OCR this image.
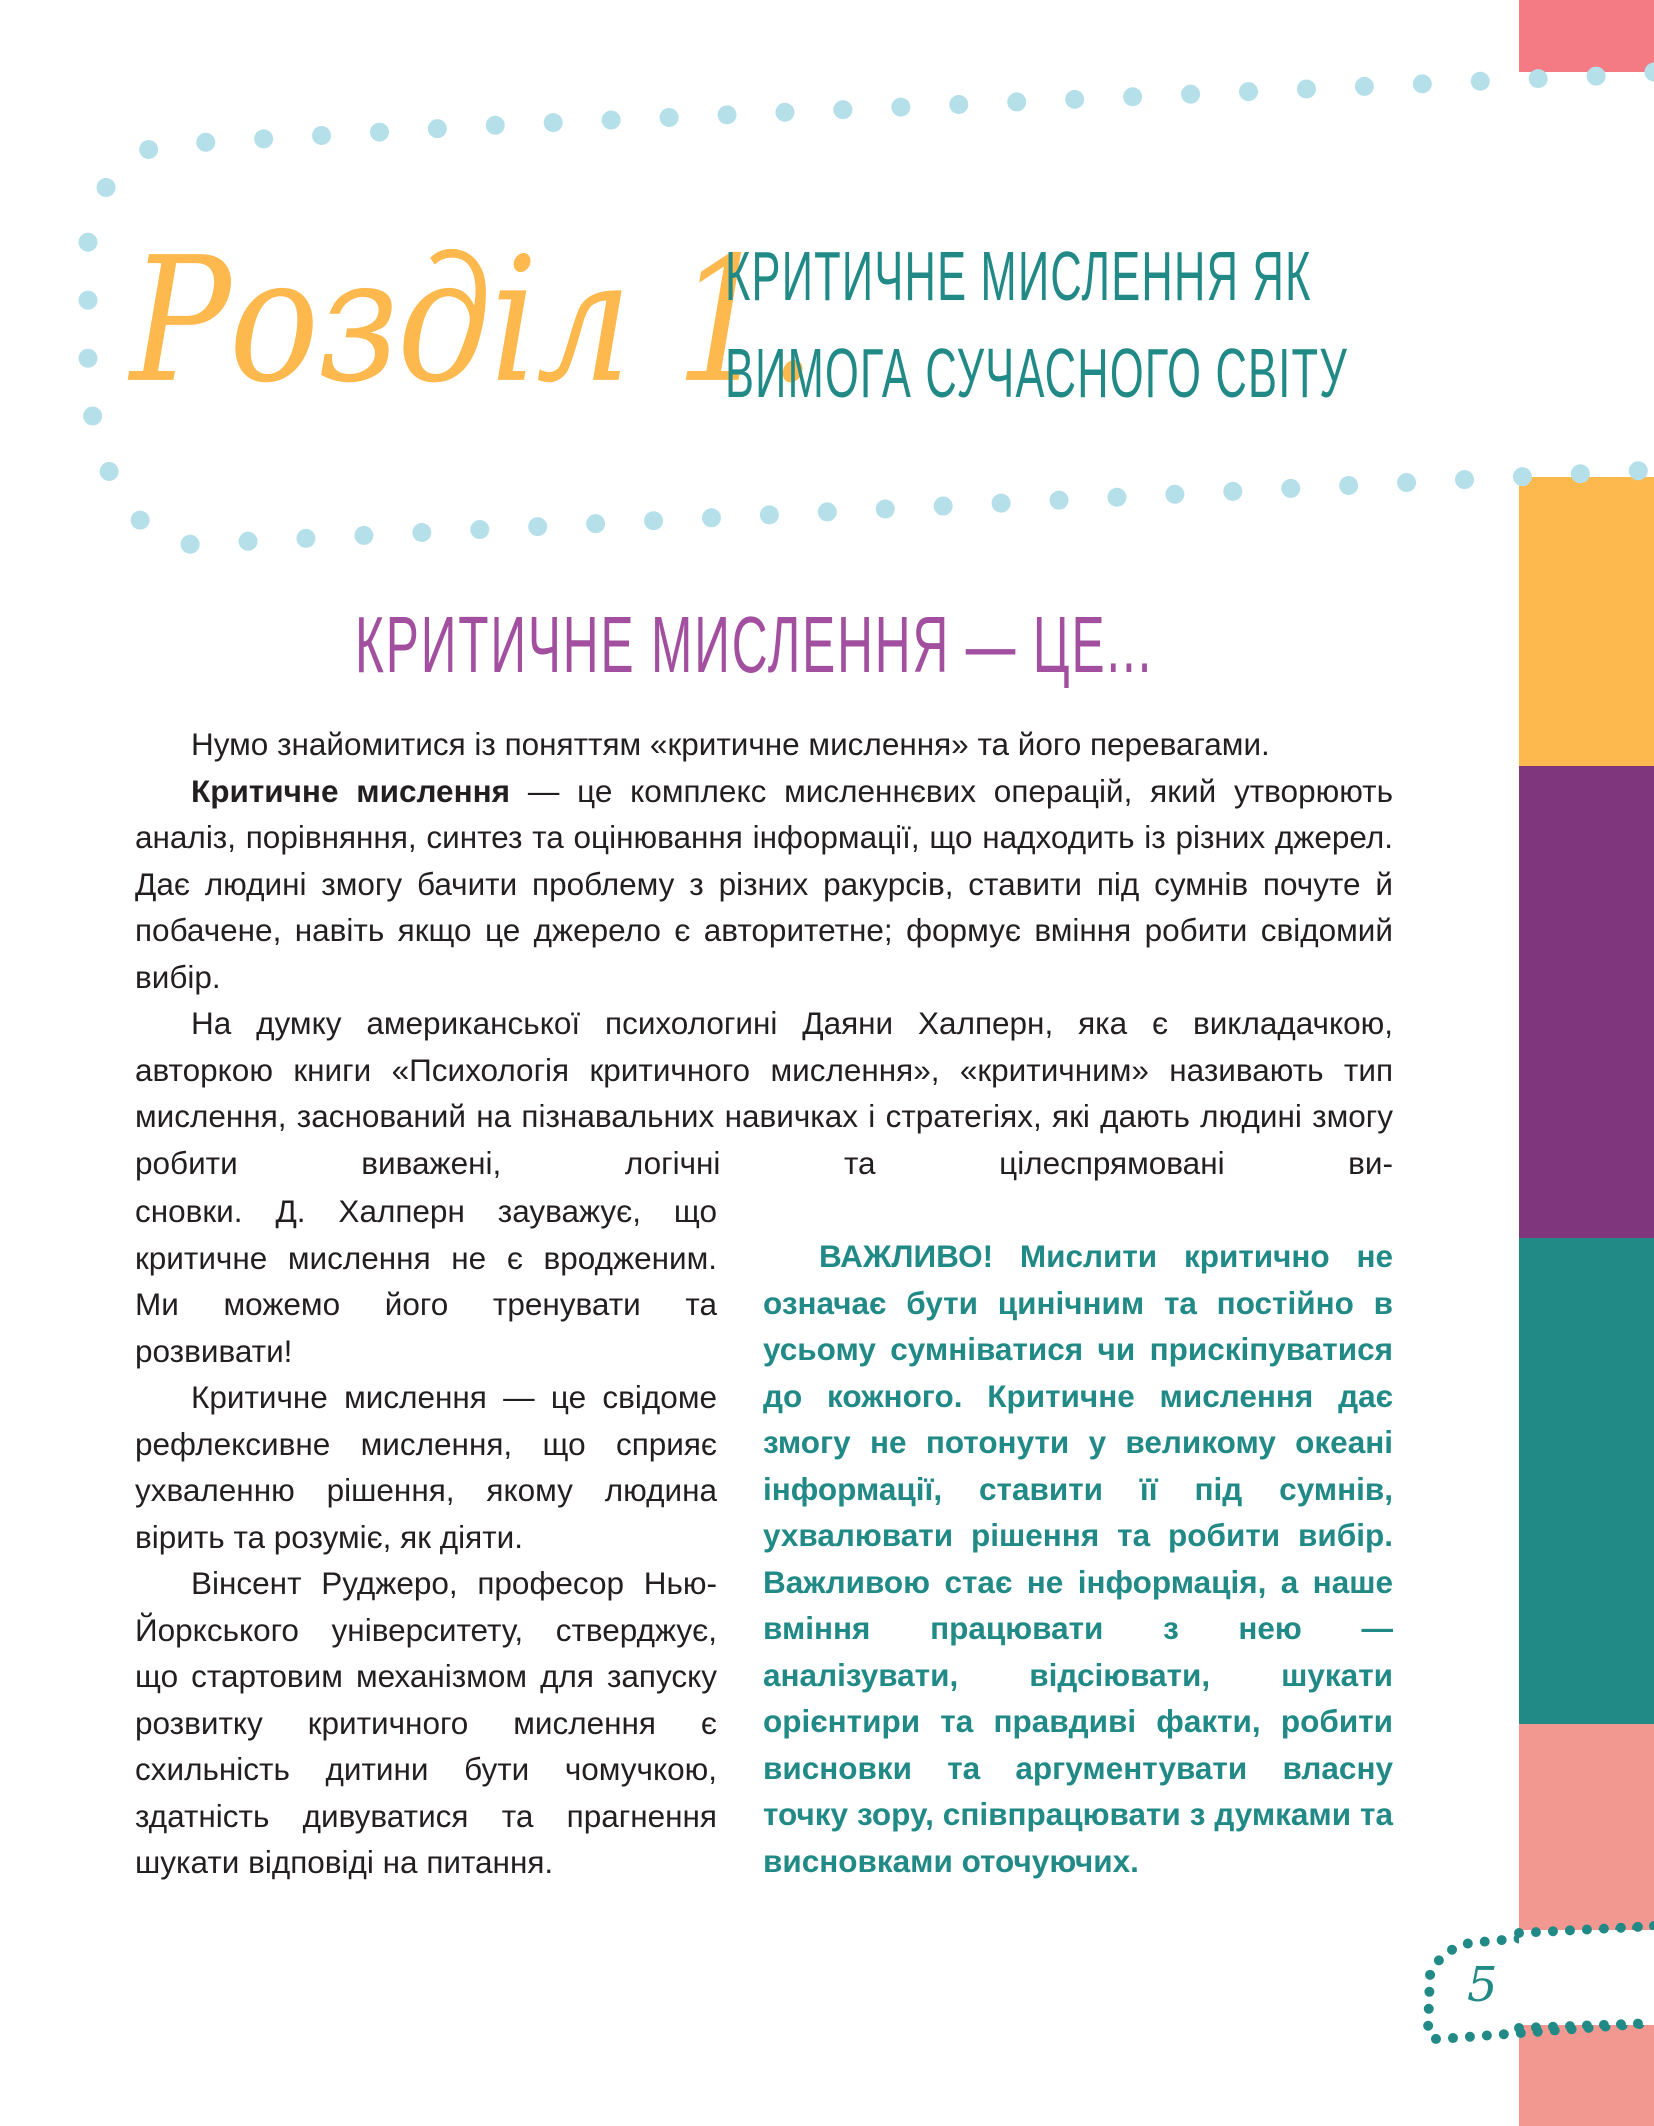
Розділ 1.
КРИТИЧНЕ МИСЛЕННЯ ЯК
ВИМОГА СУЧАСНОГО СВІТУ
КРИТИЧНЕ МИСЛЕННЯ — ЦЕ...

Нумо знайомитися із поняттям «критичне мислення» та його перевагами.

Критичне мислення — це комплекс мисленнєвих операцій, який утворюють аналіз, порівняння, синтез та оцінювання інформації, що надходить із різних джерел. Дає людині змогу бачити проблему з різних ракурсів, ставити під сумнів почуте й побачене, навіть якщо це джерело є авторитетне; формує вміння робити свідомий вибір.

На думку американської психологині Даяни Халперн, яка є викладачкою, авторкою книги «Психологія критичного мислення», «критичним» називають тип мислення, заснований на пізнавальних навичках і стратегіях, які дають людині змогу робити виважені, логічні та цілеспрямовані ви-

сновки. Д. Халперн зауважує, що критичне мислення не є вродженим. Ми можемо його тренувати та розвивати!

Критичне мислення — це свідоме рефлексивне мислення, що сприяє ухваленню рішення, якому людина вірить та розуміє, як діяти.

Вінсент Руджеро, професор Нью-Йоркського університету, стверджує, що стартовим механізмом для запуску розвитку критичного мислення є схильність дитини бути чомучкою, здатність дивуватися та прагнення шукати відповіді на питання.

ВАЖЛИВО! Мислити критично не означає бути цинічним та постійно в усьому сумніватися чи прискіпуватися до кожного. Критичне мислення дає змогу не потонути у великому океані інформації, ставити її під сумнів, ухвалювати рішення та робити вибір. Важливою стає не інформація, а наше вміння працювати з нею — аналізувати, відсіювати, шукати орієнтири та правдиві факти, робити висновки та аргументувати власну точку зору, співпрацювати з думками та висновками оточуючих.

5
